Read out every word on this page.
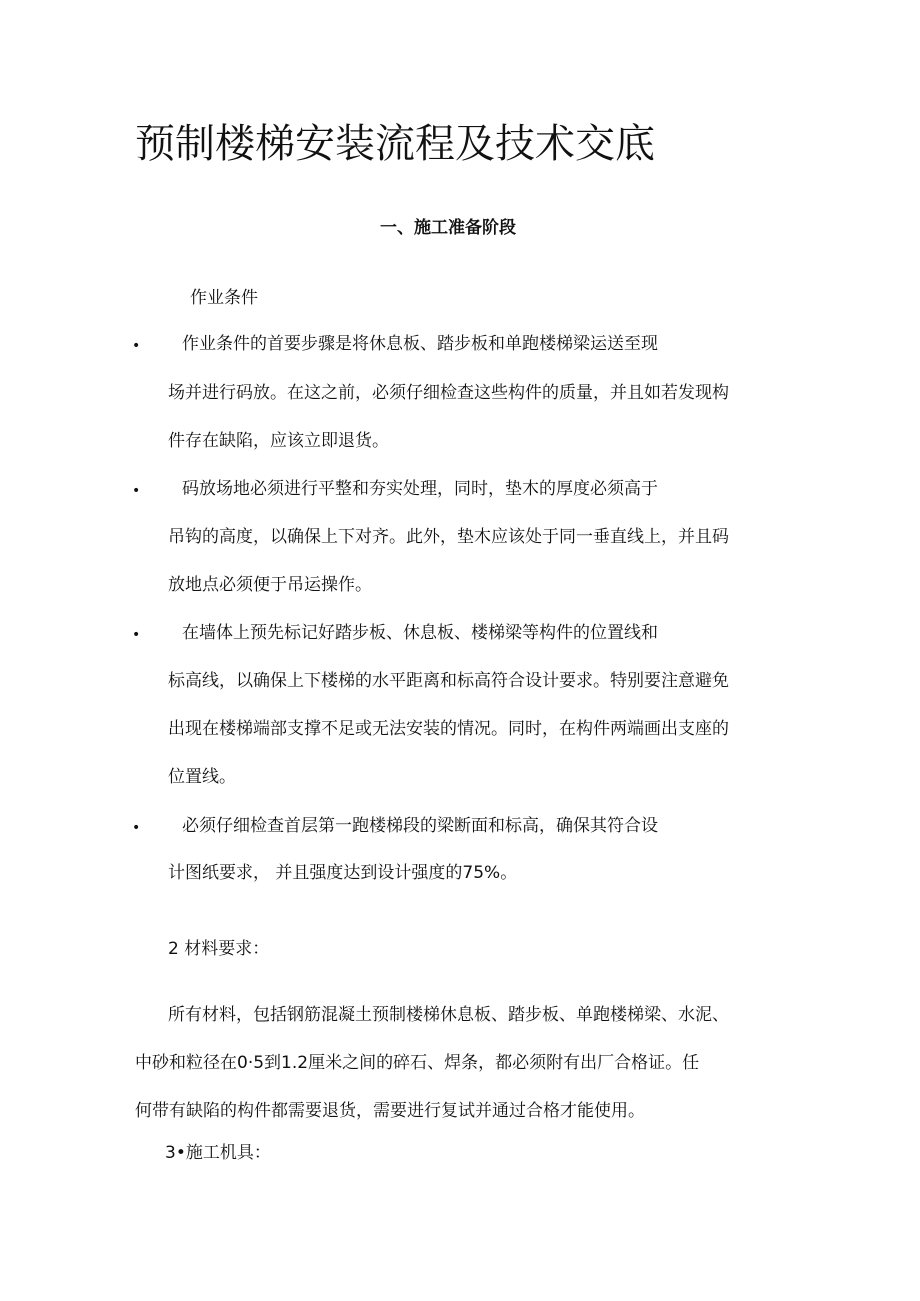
预制楼梯安装流程及技术交底
一、施工准备阶段
作业条件
• 作业条件的首要步骤是将休息板、踏步板和单跑楼梯梁运送至现
场并进行码放。在这之前，必须仔细检查这些构件的质量，并且如若发现构
件存在缺陷，应该立即退货。
• 码放场地必须进行平整和夯实处理，同时，垫木的厚度必须高于
吊钩的高度，以确保上下对齐。此外，垫木应该处于同一垂直线上，并且码
放地点必须便于吊运操作。
• 在墙体上预先标记好踏步板、休息板、楼梯梁等构件的位置线和
标高线，以确保上下楼梯的水平距离和标高符合设计要求。特别要注意避免
出现在楼梯端部支撑不足或无法安装的情况。同时，在构件两端画出支座的
位置线。
• 必须仔细检查首层第一跑楼梯段的梁断面和标高，确保其符合设
计图纸要求， 并且强度达到设计强度的75%。
2 材料要求：
所有材料，包括钢筋混凝土预制楼梯休息板、踏步板、单跑楼梯梁、水泥、
中砂和粒径在0·5到1.2厘米之间的碎石、焊条，都必须附有出厂合格证。任
何带有缺陷的构件都需要退货，需要进行复试并通过合格才能使用。
3•施工机具：
